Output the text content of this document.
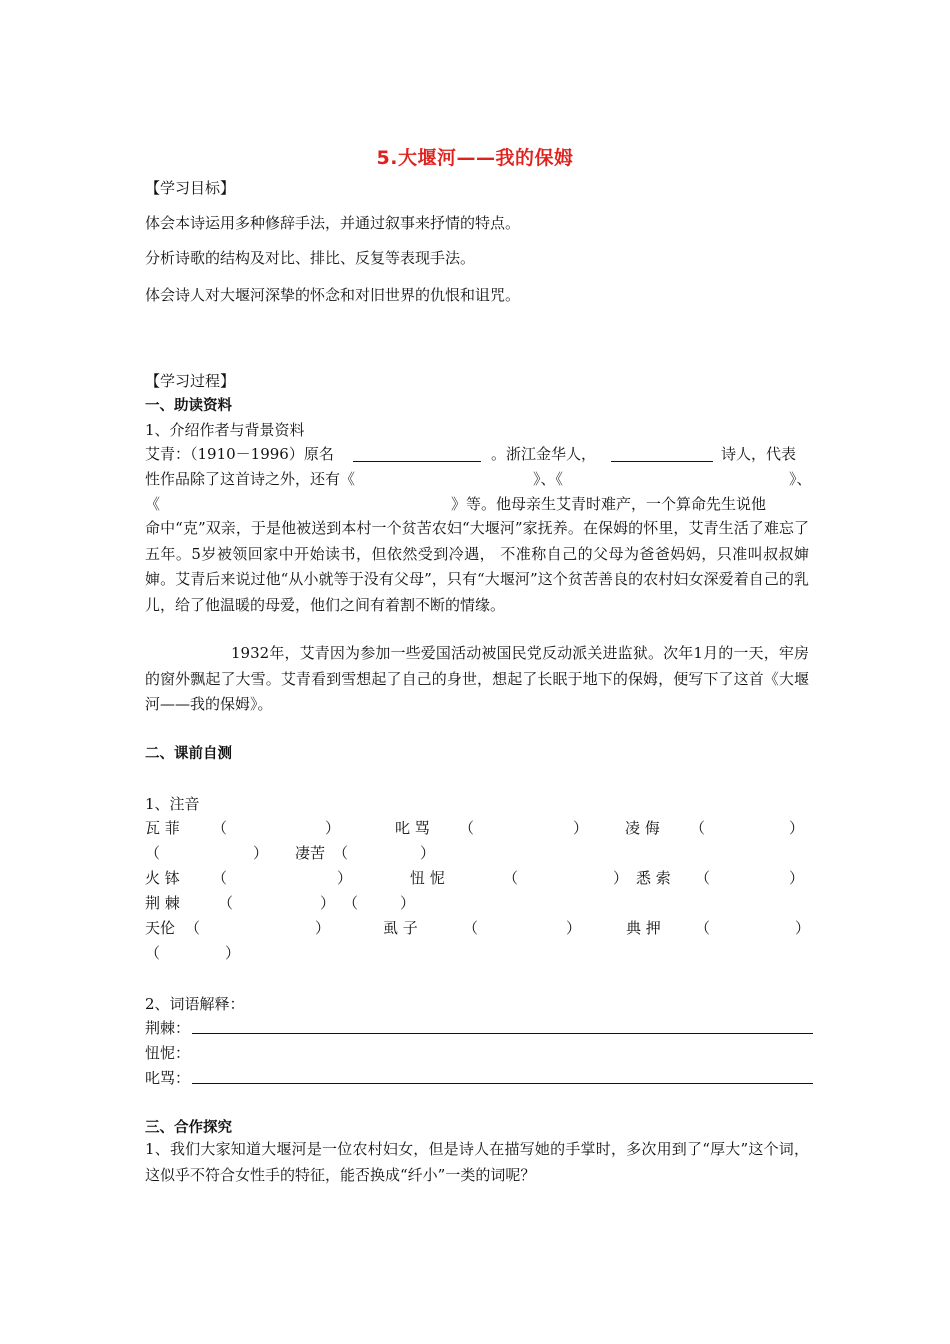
5.大堰河——我的保姆
【学习目标】
体会本诗运用多种修辞手法，并通过叙事来抒情的特点。
分析诗歌的结构及对比、排比、反复等表现手法。
体会诗人对大堰河深挚的怀念和对旧世界的仇恨和诅咒。
【学习过程】
一、助读资料
1、介绍作者与背景资料
艾青：（1910－1996）原名	。浙江金华人，	诗人，代表
性作品除了这首诗之外，还有《	》、《	》、
《	》等。他母亲生艾青时难产，一个算命先生说他
命中“克”双亲，于是他被送到本村一个贫苦农妇“大堰河”家抚养。在保姆的怀里，艾青生活了难忘了五年。5岁被领回家中开始读书，但依然受到冷遇， 不准称自己的父母为爸爸妈妈，只准叫叔叔婶婶。艾青后来说过他“从小就等于没有父母”，只有“大堰河”这个贫苦善良的农村妇女深爱着自己的乳儿，给了他温暖的母爱，他们之间有着割不断的情缘。
1932年，艾青因为参加一些爱国活动被国民党反动派关进监狱。次年1月的一天，牢房的窗外飘起了大雪。艾青看到雪想起了自己的身世，想起了长眠于地下的保姆，便写下了这首《大堰河——我的保姆》。
二、课前自测
1、注音
瓦 菲 （	）	叱 骂 （	） 凌 侮 （	）
（	） 凄苦 （	）
火 钵 （	）	忸 怩	（	） 悉 索 （	）
荆 棘	（	） （	）
天伦 （	）	虱 子	（	）	典 押 （	）
（	）
2、词语解释：
荆棘：
忸怩：
叱骂：
三、合作探究
1、我们大家知道大堰河是一位农村妇女，但是诗人在描写她的手掌时，多次用到了“厚大”这个词，这似乎不符合女性手的特征，能否换成“纤小”一类的词呢？
